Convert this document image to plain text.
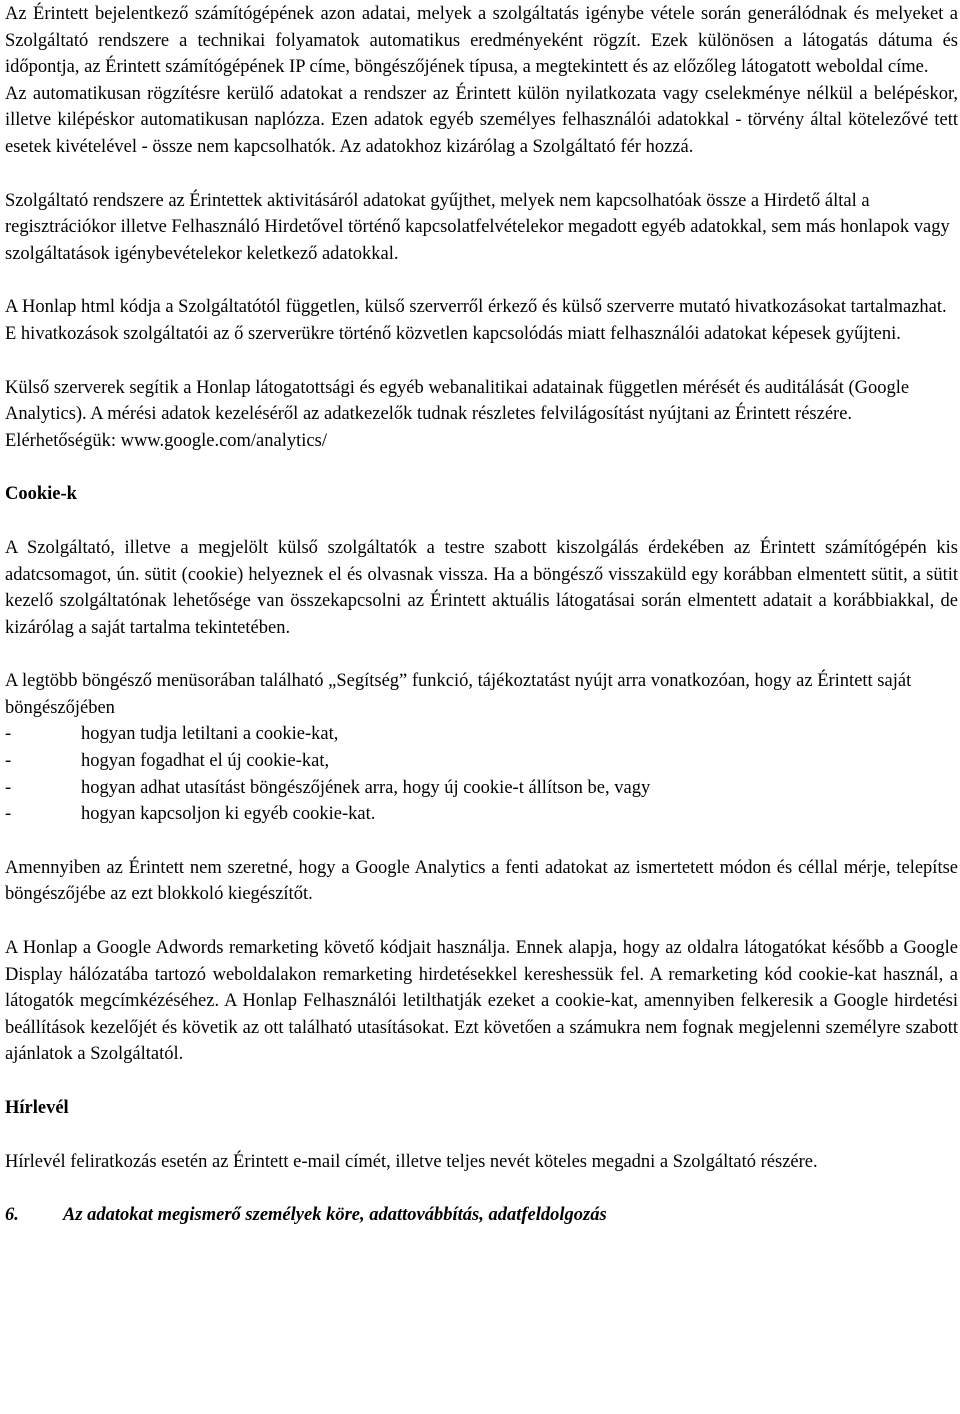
Az Érintett bejelentkező számítógépének azon adatai, melyek a szolgáltatás igénybe vétele során generálódnak és melyeket a Szolgáltató rendszere a technikai folyamatok automatikus eredményeként rögzít. Ezek különösen a látogatás dátuma és időpontja, az Érintett számítógépének IP címe, böngészőjének típusa, a megtekintett és az előzőleg látogatott weboldal címe.

Az automatikusan rögzítésre kerülő adatokat a rendszer az Érintett külön nyilatkozata vagy cselekménye nélkül a belépéskor, illetve kilépéskor automatikusan naplózza. Ezen adatok egyéb személyes felhasználói adatokkal - törvény által kötelezővé tett esetek kivételével - össze nem kapcsolhatók. Az adatokhoz kizárólag a Szolgáltató fér hozzá.

Szolgáltató rendszere az Érintettek aktivitásáról adatokat gyűjthet, melyek nem kapcsolhatóak össze a Hirdető által a regisztrációkor illetve Felhasználó Hirdetővel történő kapcsolatfelvételekor megadott egyéb adatokkal, sem más honlapok vagy szolgáltatások igénybevételekor keletkező adatokkal.

A Honlap html kódja a Szolgáltatótól független, külső szerverről érkező és külső szerverre mutató hivatkozásokat tartalmazhat. E hivatkozások szolgáltatói az ő szerverükre történő közvetlen kapcsolódás miatt felhasználói adatokat képesek gyűjteni.

Külső szerverek segítik a Honlap látogatottsági és egyéb webanalitikai adatainak független mérését és auditálását (Google Analytics). A mérési adatok kezeléséről az adatkezelők tudnak részletes felvilágosítást nyújtani az Érintett részére.

Elérhetőségük: www.google.com/analytics/

Cookie-k

A Szolgáltató, illetve a megjelölt külső szolgáltatók a testre szabott kiszolgálás érdekében az Érintett számítógépén kis adatcsomagot, ún. sütit (cookie) helyeznek el és olvasnak vissza. Ha a böngésző visszaküld egy korábban elmentett sütit, a sütit kezelő szolgáltatónak lehetősége van összekapcsolni az Érintett aktuális látogatásai során elmentett adatait a korábbiakkal, de kizárólag a saját tartalma tekintetében.

A legtöbb böngésző menüsorában található „Segítség” funkció, tájékoztatást nyújt arra vonatkozóan, hogy az Érintett saját böngészőjében

-	hogyan tudja letiltani a cookie-kat,
-	hogyan fogadhat el új cookie-kat,
-	hogyan adhat utasítást böngészőjének arra, hogy új cookie-t állítson be, vagy
-	hogyan kapcsoljon ki egyéb cookie-kat.

Amennyiben az Érintett nem szeretné, hogy a Google Analytics a fenti adatokat az ismertetett módon és céllal mérje, telepítse böngészőjébe az ezt blokkoló kiegészítőt.

A Honlap a Google Adwords remarketing követő kódjait használja. Ennek alapja, hogy az oldalra látogatókat később a Google Display hálózatába tartozó weboldalakon remarketing hirdetésekkel kereshessük fel. A remarketing kód cookie-kat használ, a látogatók megcímkézéséhez. A Honlap Felhasználói letilthatják ezeket a cookie-kat, amennyiben felkeresik a Google hirdetési beállítások kezelőjét és követik az ott található utasításokat. Ezt követően a számukra nem fognak megjelenni személyre szabott ajánlatok a Szolgáltatól.

Hírlevél

Hírlevél feliratkozás esetén az Érintett e-mail címét, illetve teljes nevét köteles megadni a Szolgáltató részére.

6.	Az adatokat megismerő személyek köre, adattovábbítás, adatfeldolgozás
